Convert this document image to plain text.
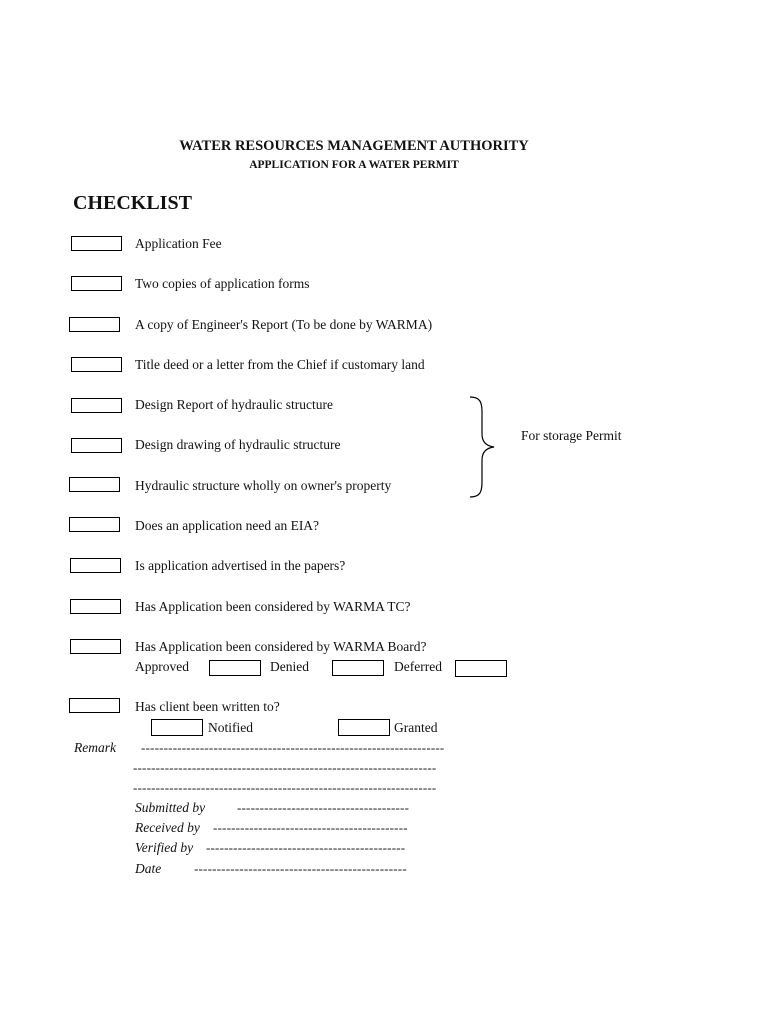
WATER RESOURCES MANAGEMENT AUTHORITY
APPLICATION FOR A WATER PERMIT
CHECKLIST
Application Fee
Two copies of application forms
A copy of Engineer's Report (To be done by WARMA)
Title deed or a letter from the Chief if customary land
Design Report of hydraulic structure
Design drawing of hydraulic structure
Hydraulic structure wholly on owner's property
For storage Permit
Does an application need an EIA?
Is application advertised in the papers?
Has Application been considered by WARMA TC?
Has Application been considered by WARMA Board?
Approved	Denied	Deferred
Has client been written to?
Notified	Granted
Remark -------------------------------------------------------------------
-------------------------------------------------------------------
-------------------------------------------------------------------
Submitted by --------------------------------------
Received by -------------------------------------------
Verified by --------------------------------------------
Date	-----------------------------------------------
